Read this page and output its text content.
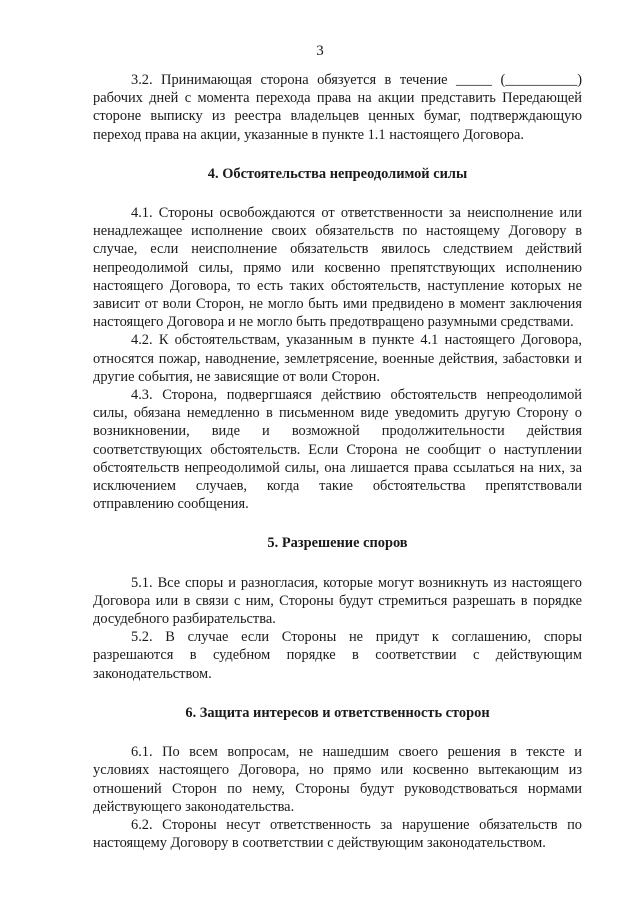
3

3.2. Принимающая сторона обязуется в течение _____ (__________) рабочих дней с момента перехода права на акции представить Передающей стороне выписку из реестра владельцев ценных бумаг, подтверждающую переход права на акции, указанные в пункте 1.1 настоящего Договора.

4. Обстоятельства непреодолимой силы

4.1. Стороны освобождаются от ответственности за неисполнение или ненадлежащее исполнение своих обязательств по настоящему Договору в случае, если неисполнение обязательств явилось следствием действий непреодолимой силы, прямо или косвенно препятствующих исполнению настоящего Договора, то есть таких обстоятельств, наступление которых не зависит от воли Сторон, не могло быть ими предвидено в момент заключения настоящего Договора и не могло быть предотвращено разумными средствами.

4.2. К обстоятельствам, указанным в пункте 4.1 настоящего Договора, относятся пожар, наводнение, землетрясение, военные действия, забастовки и другие события, не зависящие от воли Сторон.

4.3. Сторона, подвергшаяся действию обстоятельств непреодолимой силы, обязана немедленно в письменном виде уведомить другую Сторону о возникновении, виде и возможной продолжительности действия соответствующих обстоятельств. Если Сторона не сообщит о наступлении обстоятельств непреодолимой силы, она лишается права ссылаться на них, за исключением случаев, когда такие обстоятельства препятствовали отправлению сообщения.

5. Разрешение споров

5.1. Все споры и разногласия, которые могут возникнуть из настоящего Договора или в связи с ним, Стороны будут стремиться разрешать в порядке досудебного разбирательства.

5.2. В случае если Стороны не придут к соглашению, споры разрешаются в судебном порядке в соответствии с действующим законодательством.

6. Защита интересов и ответственность сторон

6.1. По всем вопросам, не нашедшим своего решения в тексте и условиях настоящего Договора, но прямо или косвенно вытекающим из отношений Сторон по нему, Стороны будут руководствоваться нормами действующего законодательства.

6.2. Стороны несут ответственность за нарушение обязательств по настоящему Договору в соответствии с действующим законодательством.
